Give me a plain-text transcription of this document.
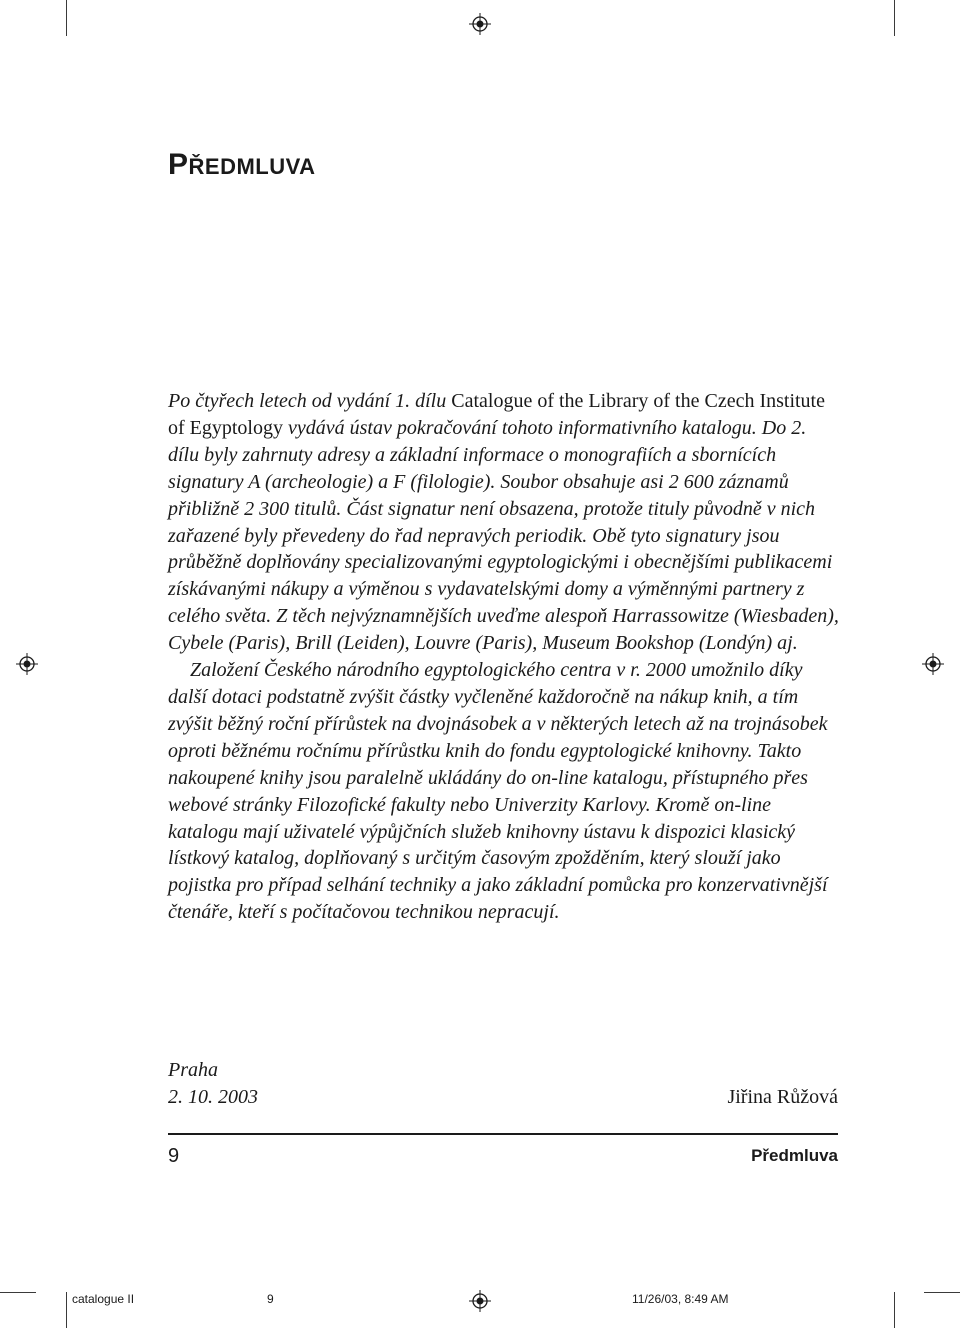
PŘEDMLUVA

Po čtyřech letech od vydání 1. dílu Catalogue of the Library of the Czech Institute of Egyptology vydává ústav pokračování tohoto informativního katalogu. Do 2. dílu byly zahrnuty adresy a základní informace o monografiích a sbornících signatury A (archeologie) a F (filologie). Soubor obsahuje asi 2 600 záznamů přibližně 2 300 titulů. Část signatur není obsazena, protože tituly původně v nich zařazené byly převedeny do řad nepravých periodik. Obě tyto signatury jsou průběžně doplňovány specializovanými egyptologickými i obecnějšími publikacemi získávanými nákupy a výměnou s vydavatelskými domy a výměnnými partnery z celého světa. Z těch nejvýznamnějších uveďme alespoň Harrassowitze (Wiesbaden), Cybele (Paris), Brill (Leiden), Louvre (Paris), Museum Bookshop (Londýn) aj.

Založení Českého národního egyptologického centra v r. 2000 umožnilo díky další dotaci podstatně zvýšit částky vyčleněné každoročně na nákup knih, a tím zvýšit běžný roční přírůstek na dvojnásobek a v některých letech až na trojnásobek oproti běžnému ročnímu přírůstku knih do fondu egyptologické knihovny. Takto nakoupené knihy jsou paralelně ukládány do on-line katalogu, přístupného přes webové stránky Filozofické fakulty nebo Univerzity Karlovy. Kromě on-line katalogu mají uživatelé výpůjčních služeb knihovny ústavu k dispozici klasický lístkový katalog, doplňovaný s určitým časovým zpožděním, který slouží jako pojistka pro případ selhání techniky a jako základní pomůcka pro konzervativnější čtenáře, kteří s počítačovou technikou nepracují.

Praha
2. 10. 2003	Jiřina Růžová
9	Předmluva
catalogue II	9	11/26/03, 8:49 AM
